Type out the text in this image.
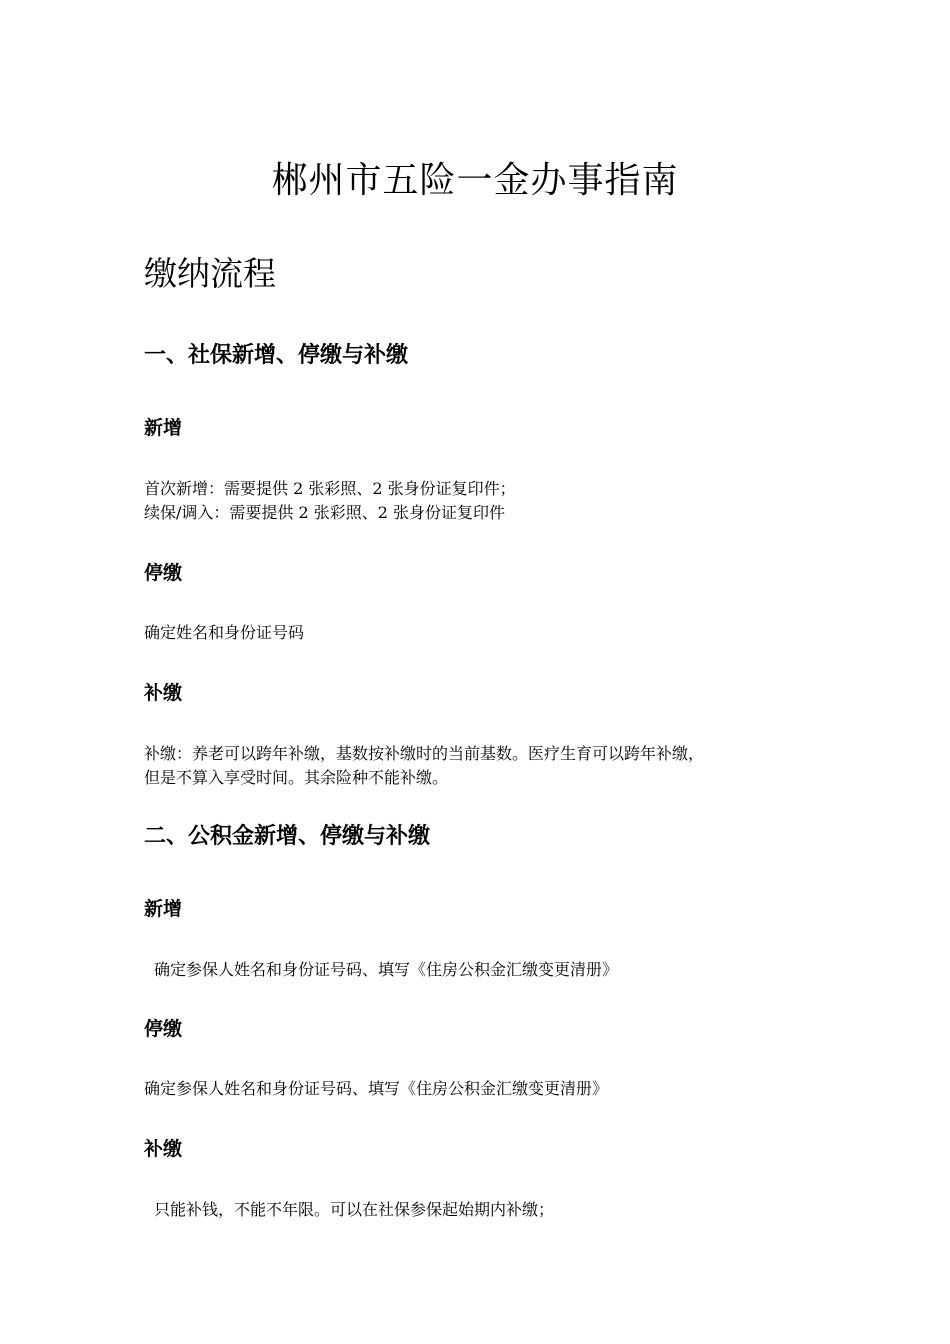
郴州市五险一金办事指南
缴纳流程
一、社保新增、停缴与补缴
新增
首次新增：需要提供 2 张彩照、2 张身份证复印件；
续保/调入：需要提供 2 张彩照、2 张身份证复印件
停缴
确定姓名和身份证号码
补缴
补缴：养老可以跨年补缴，基数按补缴时的当前基数。医疗生育可以跨年补缴，
但是不算入享受时间。其余险种不能补缴。
二、公积金新增、停缴与补缴
新增
确定参保人姓名和身份证号码、填写《住房公积金汇缴变更清册》
停缴
确定参保人姓名和身份证号码、填写《住房公积金汇缴变更清册》
补缴
只能补钱，不能不年限。可以在社保参保起始期内补缴；
